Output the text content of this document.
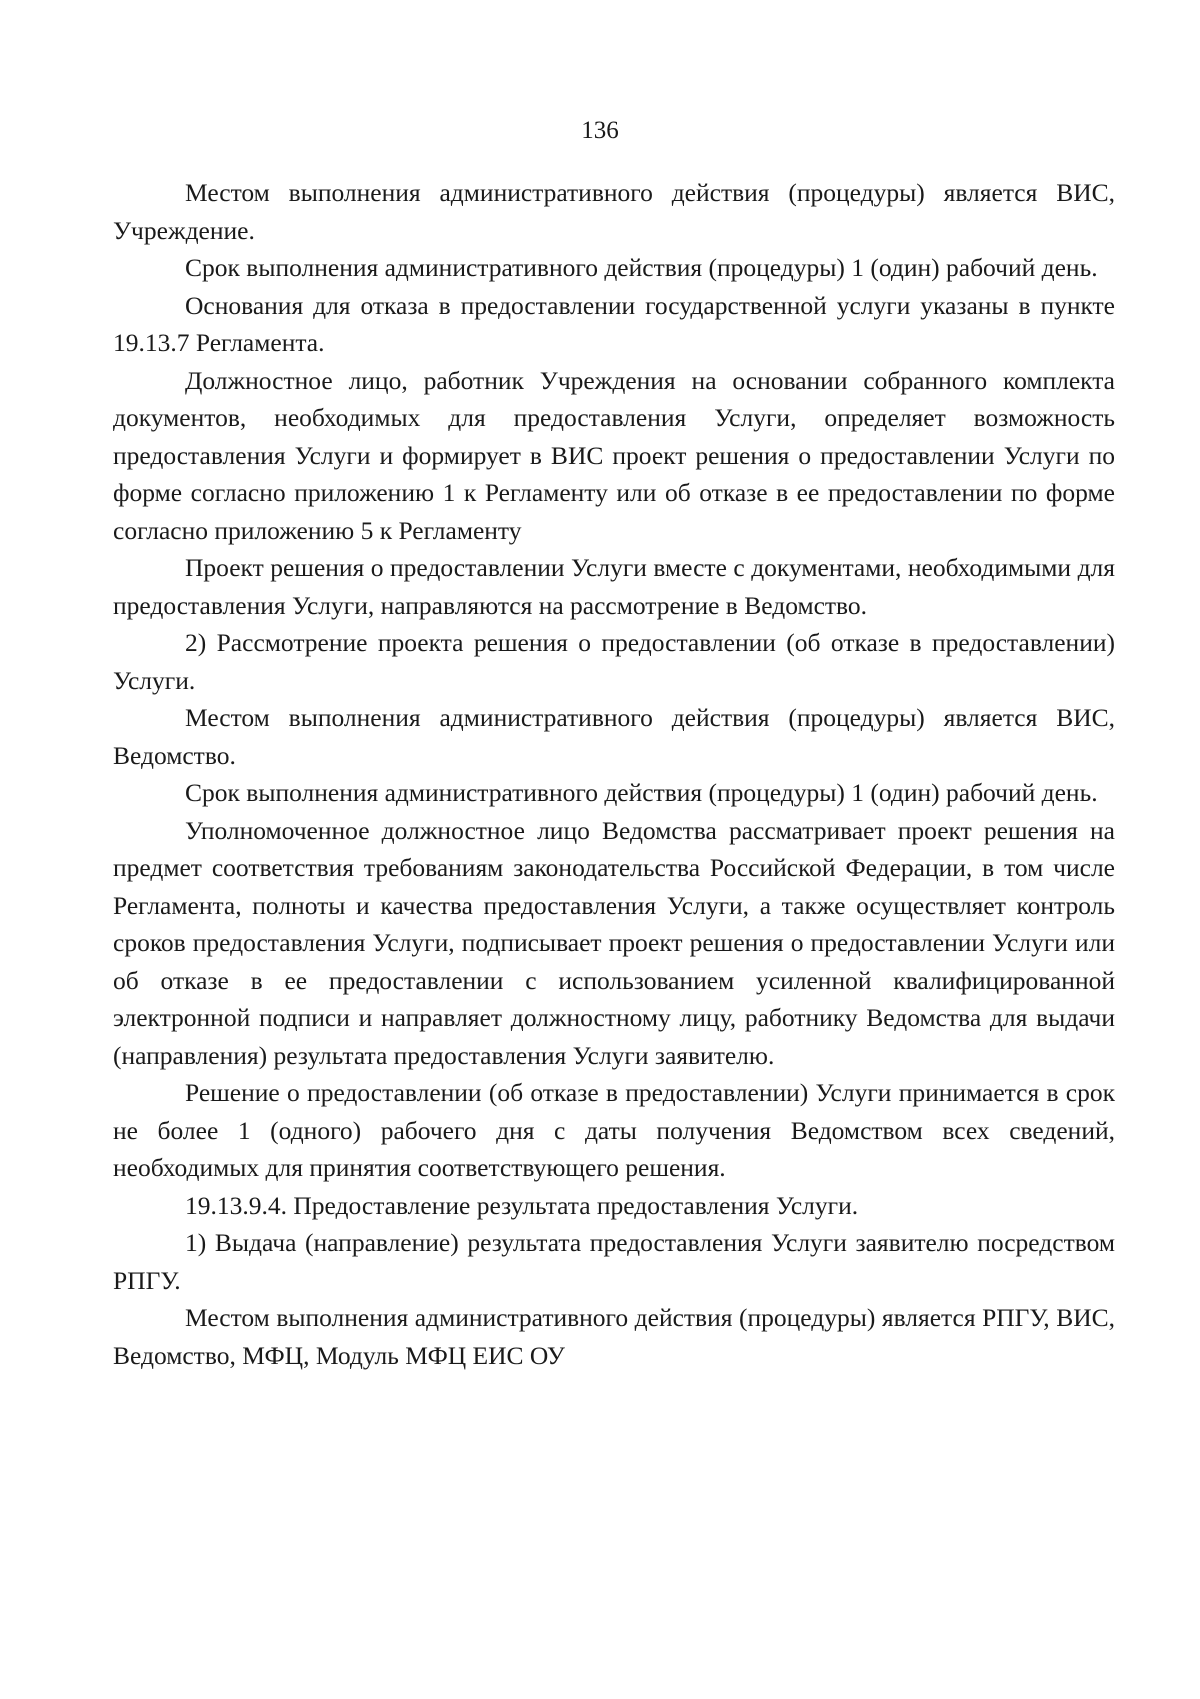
136

Местом выполнения административного действия (процедуры) является ВИС, Учреждение.

Срок выполнения административного действия (процедуры) 1 (один) рабочий день.

Основания для отказа в предоставлении государственной услуги указаны в пункте 19.13.7 Регламента.

Должностное лицо, работник Учреждения на основании собранного комплекта документов, необходимых для предоставления Услуги, определяет возможность предоставления Услуги и формирует в ВИС проект решения о предоставлении Услуги по форме согласно приложению 1 к Регламенту или об отказе в ее предоставлении по форме согласно приложению 5 к Регламенту

Проект решения о предоставлении Услуги вместе с документами, необходимыми для предоставления Услуги, направляются на рассмотрение в Ведомство.

2) Рассмотрение проекта решения о предоставлении (об отказе в предоставлении) Услуги.

Местом выполнения административного действия (процедуры) является ВИС, Ведомство.

Срок выполнения административного действия (процедуры) 1 (один) рабочий день.

Уполномоченное должностное лицо Ведомства рассматривает проект решения на предмет соответствия требованиям законодательства Российской Федерации, в том числе Регламента, полноты и качества предоставления Услуги, а также осуществляет контроль сроков предоставления Услуги, подписывает проект решения о предоставлении Услуги или об отказе в ее предоставлении с использованием усиленной квалифицированной электронной подписи и направляет должностному лицу, работнику Ведомства для выдачи (направления) результата предоставления Услуги заявителю.

Решение о предоставлении (об отказе в предоставлении) Услуги принимается в срок не более 1 (одного) рабочего дня с даты получения Ведомством всех сведений, необходимых для принятия соответствующего решения.

19.13.9.4. Предоставление результата предоставления Услуги.

1) Выдача (направление) результата предоставления Услуги заявителю посредством РПГУ.

Местом выполнения административного действия (процедуры) является РПГУ, ВИС, Ведомство, МФЦ, Модуль МФЦ ЕИС ОУ
